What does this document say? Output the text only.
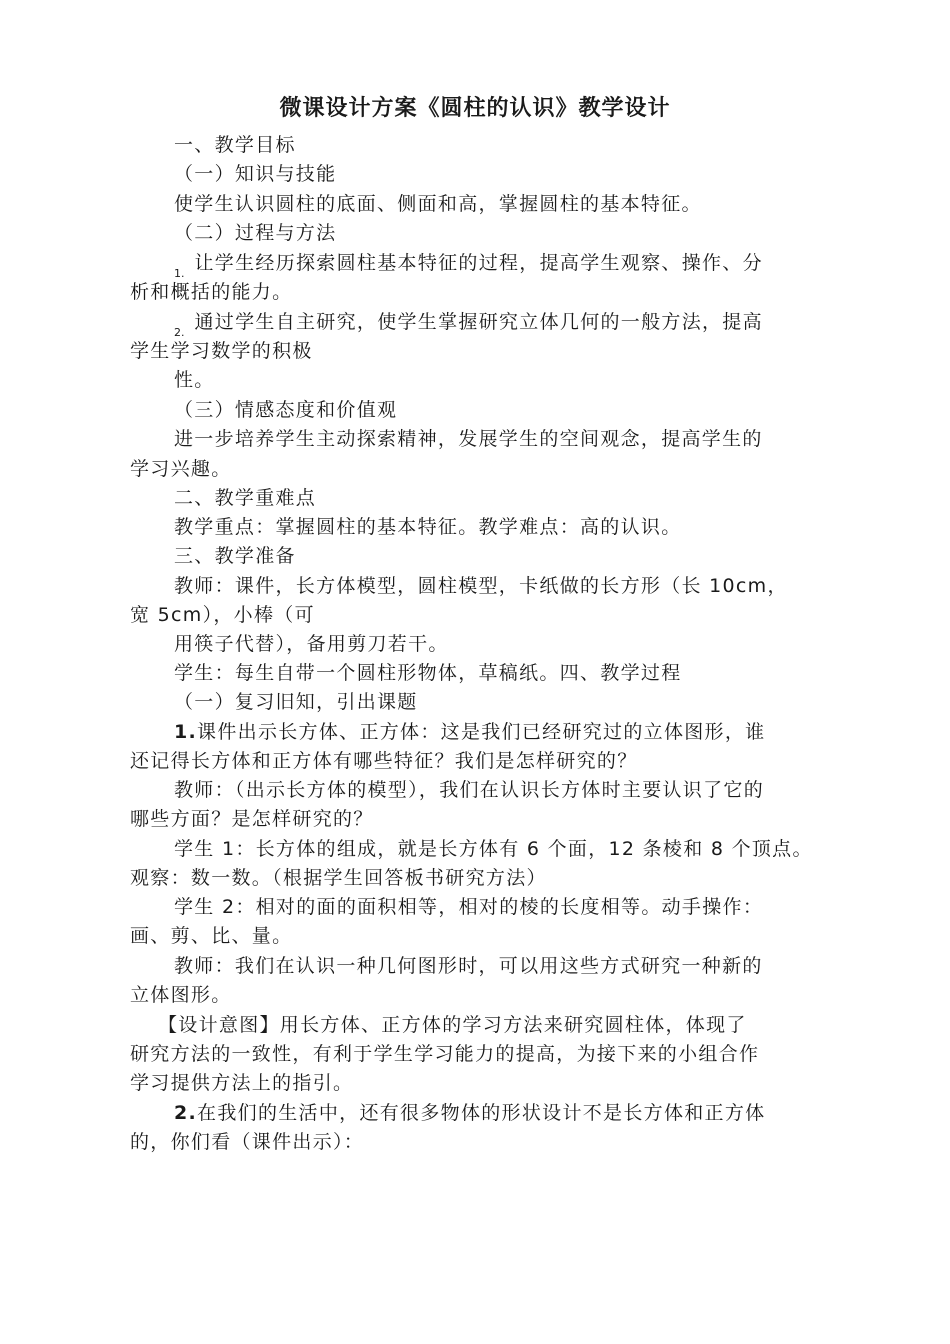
微课设计方案《圆柱的认识》教学设计
一、教学目标
（一）知识与技能
使学生认识圆柱的底面、侧面和高，掌握圆柱的基本特征。
（二）过程与方法
1. 让学生经历探索圆柱基本特征的过程，提高学生观察、操作、分
析和概括的能力。
2. 通过学生自主研究，使学生掌握研究立体几何的一般方法，提高
学生学习数学的积极
性。
（三）情感态度和价值观
进一步培养学生主动探索精神，发展学生的空间观念，提高学生的
学习兴趣。
二、教学重难点
教学重点：掌握圆柱的基本特征。教学难点：高的认识。
三、教学准备
教师：课件，长方体模型，圆柱模型，卡纸做的长方形（长 10cm，
宽 5cm），小棒（可
用筷子代替），备用剪刀若干。
学生：每生自带一个圆柱形物体，草稿纸。四、教学过程
（一）复习旧知，引出课题
1.课件出示长方体、正方体：这是我们已经研究过的立体图形，谁
还记得长方体和正方体有哪些特征？我们是怎样研究的？
教师：（出示长方体的模型），我们在认识长方体时主要认识了它的
哪些方面？是怎样研究的？
学生 1：长方体的组成，就是长方体有 6 个面，12 条棱和 8 个顶点。
观察：数一数。（根据学生回答板书研究方法）
学生 2：相对的面的面积相等，相对的棱的长度相等。动手操作：
画、剪、比、量。
教师：我们在认识一种几何图形时，可以用这些方式研究一种新的
立体图形。
【设计意图】用长方体、正方体的学习方法来研究圆柱体，体现了
研究方法的一致性，有利于学生学习能力的提高，为接下来的小组合作
学习提供方法上的指引。
2.在我们的生活中，还有很多物体的形状设计不是长方体和正方体
的，你们看（课件出示）：
